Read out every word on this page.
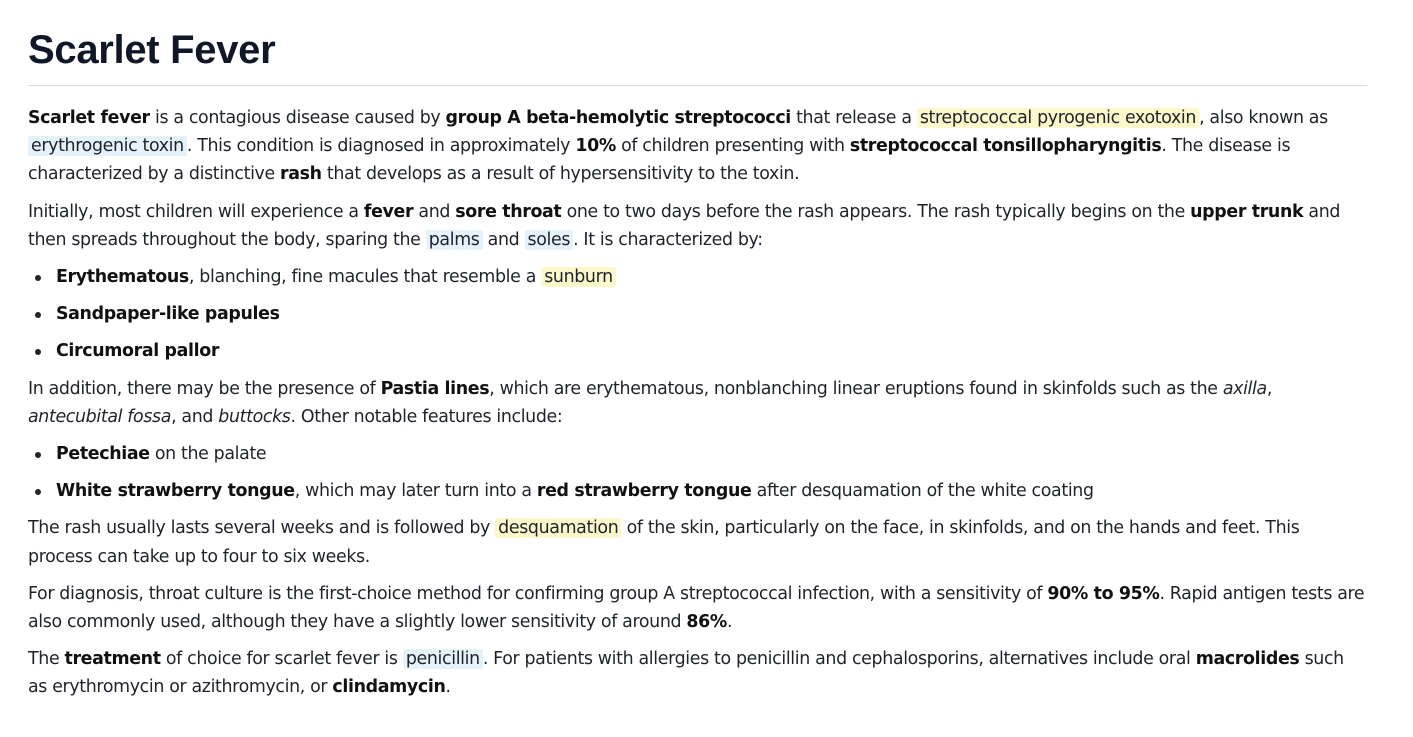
Scarlet Fever

Scarlet fever is a contagious disease caused by group A beta-hemolytic streptococci that release a streptococcal pyrogenic exotoxin , also known as erythrogenic toxin . This condition is diagnosed in approximately 10% of children presenting with streptococcal tonsillopharyngitis. The disease is characterized by a distinctive rash that develops as a result of hypersensitivity to the toxin.

Initially, most children will experience a fever and sore throat one to two days before the rash appears. The rash typically begins on the upper trunk and then spreads throughout the body, sparing the palms and soles . It is characterized by:

Erythematous, blanching, fine macules that resemble a sunburn
Sandpaper-like papules
Circumoral pallor

In addition, there may be the presence of Pastia lines, which are erythematous, nonblanching linear eruptions found in skinfolds such as the axilla, antecubital fossa, and buttocks. Other notable features include:

Petechiae on the palate
White strawberry tongue, which may later turn into a red strawberry tongue after desquamation of the white coating

The rash usually lasts several weeks and is followed by desquamation of the skin, particularly on the face, in skinfolds, and on the hands and feet. This process can take up to four to six weeks.

For diagnosis, throat culture is the first-choice method for confirming group A streptococcal infection, with a sensitivity of 90% to 95%. Rapid antigen tests are also commonly used, although they have a slightly lower sensitivity of around 86%.

The treatment of choice for scarlet fever is penicillin . For patients with allergies to penicillin and cephalosporins, alternatives include oral macrolides such as erythromycin or azithromycin, or clindamycin.
